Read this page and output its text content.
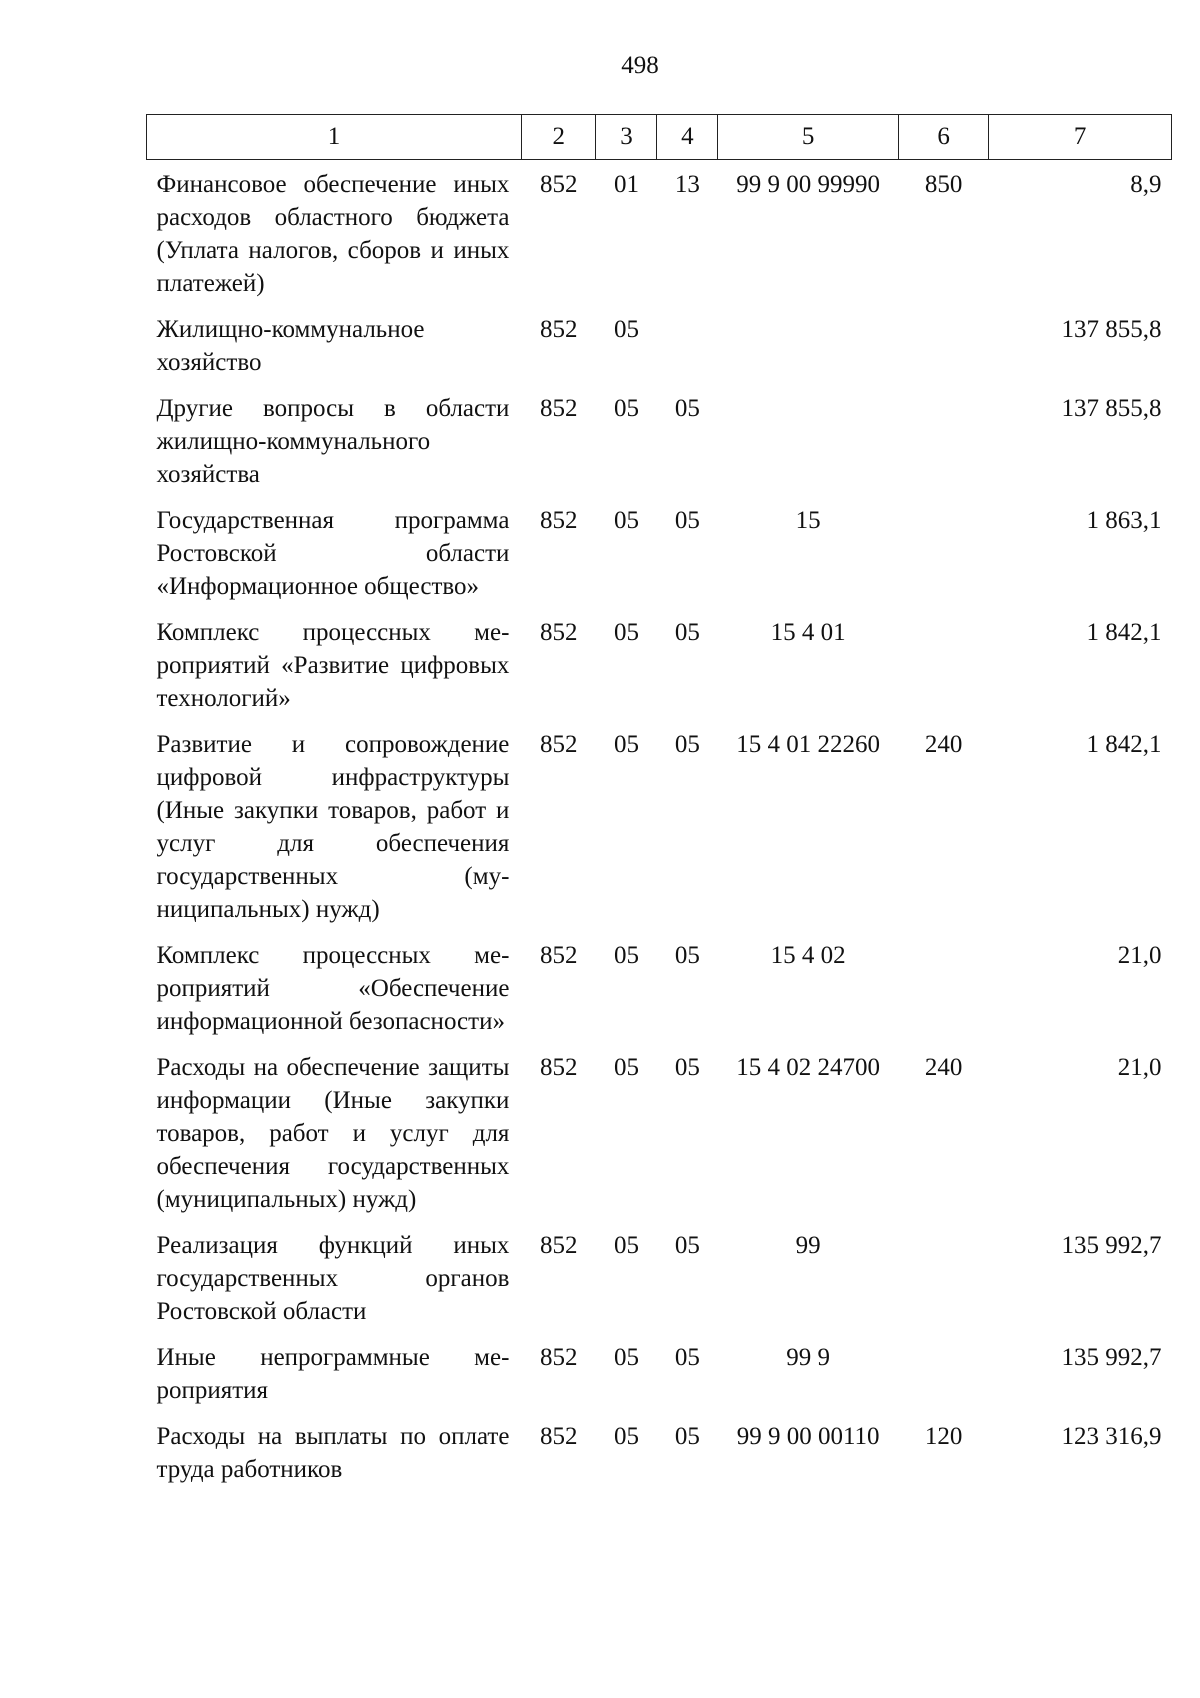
498
1	2	3	4	5	6	7
Финансовое обеспечение иных расходов областного бюджета (Уплата налогов, сборов и иных платежей)	852	01	13	99 9 00 99990	850	8,9
Жилищно-коммунальное хозяйство	852	05				137 855,8
Другие вопросы в области жилищно-коммунального хозяйства	852	05	05			137 855,8
Государственная программа Ростовской области «Информационное общество»	852	05	05	15		1 863,1
Комплекс процессных мероприятий «Развитие цифровых технологий»	852	05	05	15 4 01		1 842,1
Развитие и сопровождение цифровой инфраструктуры (Иные закупки товаров, работ и услуг для обеспечения государственных (муниципальных) нужд)	852	05	05	15 4 01 22260	240	1 842,1
Комплекс процессных мероприятий «Обеспечение информационной безопасности»	852	05	05	15 4 02		21,0
Расходы на обеспечение защиты информации (Иные закупки товаров, работ и услуг для обеспечения государственных (муниципальных) нужд)	852	05	05	15 4 02 24700	240	21,0
Реализация функций иных государственных органов Ростовской области	852	05	05	99		135 992,7
Иные непрограммные мероприятия	852	05	05	99 9		135 992,7
Расходы на выплаты по оплате труда работников	852	05	05	99 9 00 00110	120	123 316,9
